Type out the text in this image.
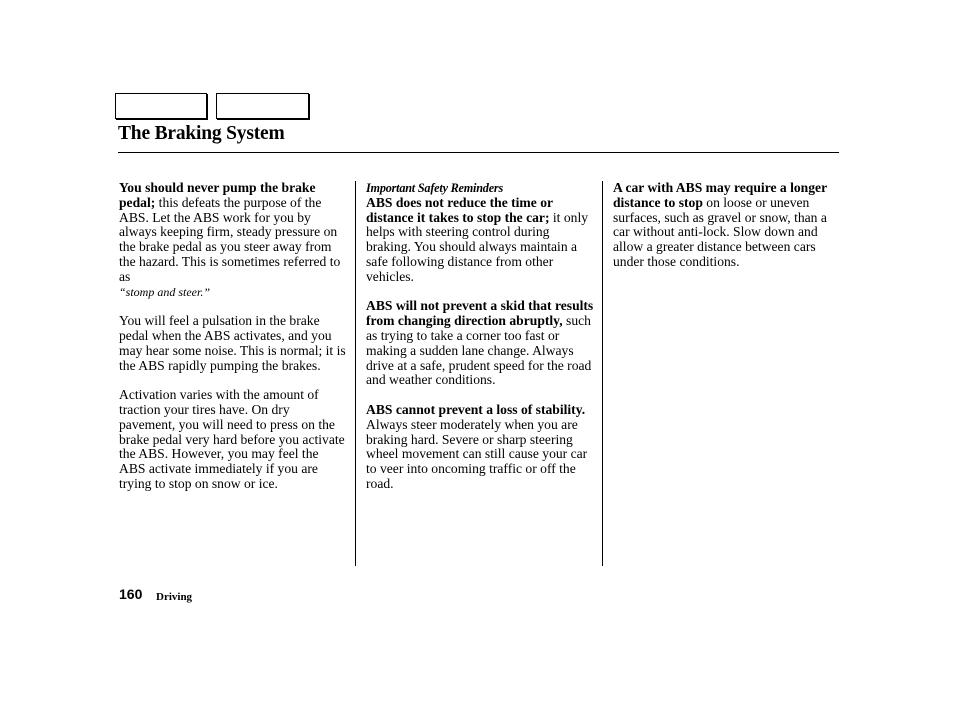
The Braking System

You should never pump the brake pedal; this defeats the purpose of the ABS. Let the ABS work for you by always keeping firm, steady pressure on the brake pedal as you steer away from the hazard. This is sometimes referred to as
“stomp and steer.”

You will feel a pulsation in the brake pedal when the ABS activates, and you may hear some noise. This is normal; it is the ABS rapidly pumping the brakes.

Activation varies with the amount of traction your tires have. On dry pavement, you will need to press on the brake pedal very hard before you activate the ABS. However, you may feel the ABS activate immediately if you are trying to stop on snow or ice.

Important Safety Reminders

ABS does not reduce the time or distance it takes to stop the car; it only helps with steering control during braking. You should always maintain a safe following distance from other vehicles.

ABS will not prevent a skid that results from changing direction abruptly, such as trying to take a corner too fast or making a sudden lane change. Always drive at a safe, prudent speed for the road and weather conditions.

ABS cannot prevent a loss of stability. Always steer moderately when you are braking hard. Severe or sharp steering wheel movement can still cause your car to veer into oncoming traffic or off the road.

A car with ABS may require a longer distance to stop on loose or uneven surfaces, such as gravel or snow, than a car without anti-lock. Slow down and allow a greater distance between cars under those conditions.

160 Driving
